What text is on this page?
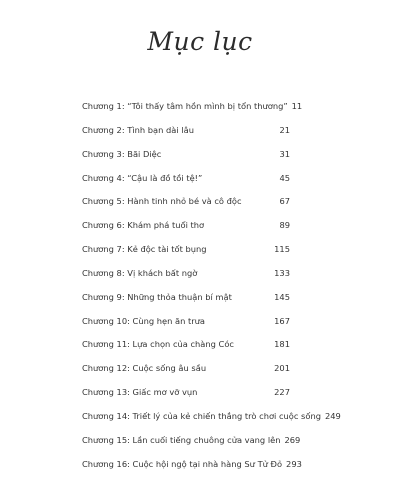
Mục lục
Chương 1: “Tôi thấy tâm hồn mình bị tổn thương” 11
Chương 2: Tình bạn dài lâu	21
Chương 3: Bãi Diệc	31
Chương 4: “Cậu là đồ tồi tệ!”	45
Chương 5: Hành tinh nhỏ bé và cô độc	67
Chương 6: Khám phá tuổi thơ	89
Chương 7: Kẻ độc tài tốt bụng	115
Chương 8: Vị khách bất ngờ	133
Chương 9: Những thỏa thuận bí mật	145
Chương 10: Cùng hẹn ăn trưa	167
Chương 11: Lựa chọn của chàng Cóc	181
Chương 12: Cuộc sống âu sầu	201
Chương 13: Giấc mơ vỡ vụn	227
Chương 14: Triết lý của kẻ chiến thắng trò chơi cuộc sống 249
Chương 15: Lần cuối tiếng chuông cửa vang lên 269
Chương 16: Cuộc hội ngộ tại nhà hàng Sư Tử Đỏ 293
